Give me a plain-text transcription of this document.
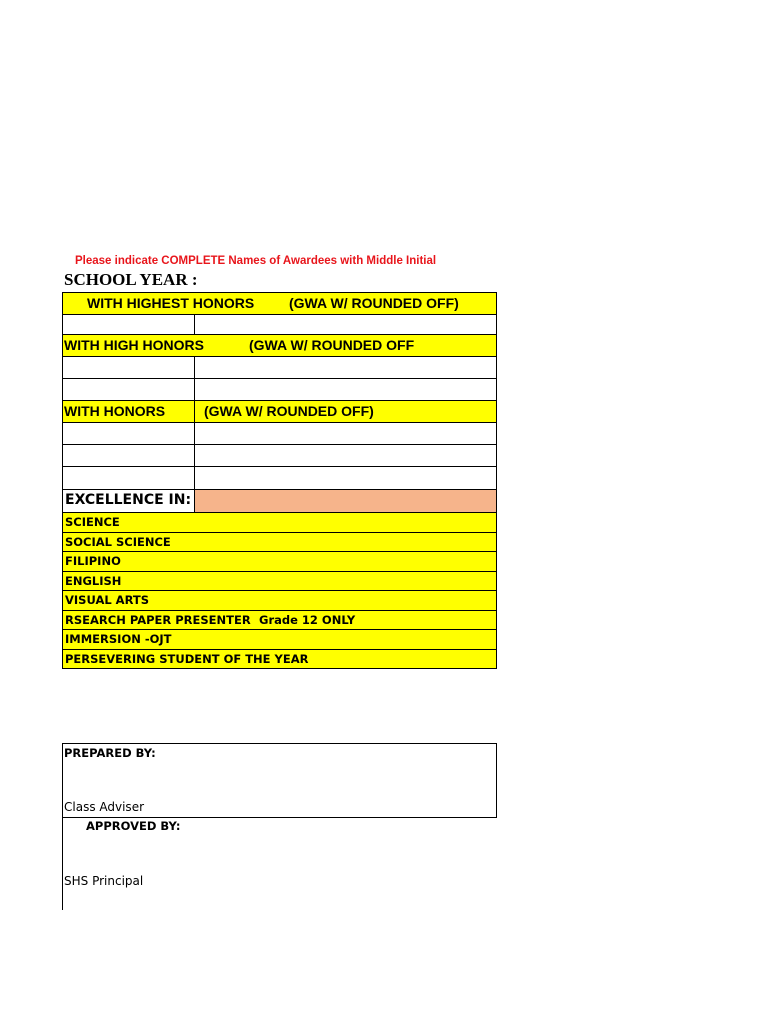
Please indicate COMPLETE Names of Awardees with Middle Initial
SCHOOL YEAR :
WITH HIGHEST HONORS (GWA W/ ROUNDED OFF)
WITH HIGH HONORS	(GWA W/ ROUNDED OFF
WITH HONORS	(GWA W/ ROUNDED OFF)
EXCELLENCE IN:
SCIENCE
SOCIAL SCIENCE
FILIPINO
ENGLISH
VISUAL ARTS
RSEARCH PAPER PRESENTER Grade 12 ONLY
IMMERSION -OJT
PERSEVERING STUDENT OF THE YEAR
PREPARED BY:
Class Adviser
APPROVED BY:
SHS Principal
